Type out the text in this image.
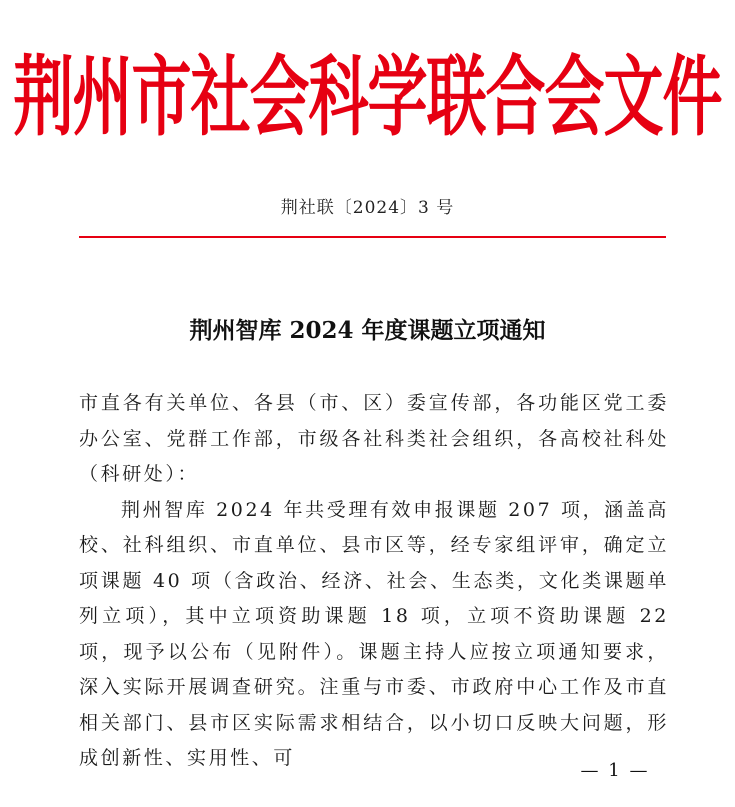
荆州市社会科学联合会文件
荆社联〔2024〕3 号
荆州智库 2024 年度课题立项通知

市直各有关单位、各县（市、区）委宣传部，各功能区党工委办公室、党群工作部，市级各社科类社会组织，各高校社科处（科研处）：

荆州智库 2024 年共受理有效申报课题 207 项，涵盖高校、社科组织、市直单位、县市区等，经专家组评审，确定立项课题 40 项（含政治、经济、社会、生态类，文化类课题单列立项），其中立项资助课题 18 项，立项不资助课题 22 项，现予以公布（见附件）。课题主持人应按立项通知要求，深入实际开展调查研究。注重与市委、市政府中心工作及市直相关部门、县市区实际需求相结合，以小切口反映大问题，形成创新性、实用性、可

— 1 —
